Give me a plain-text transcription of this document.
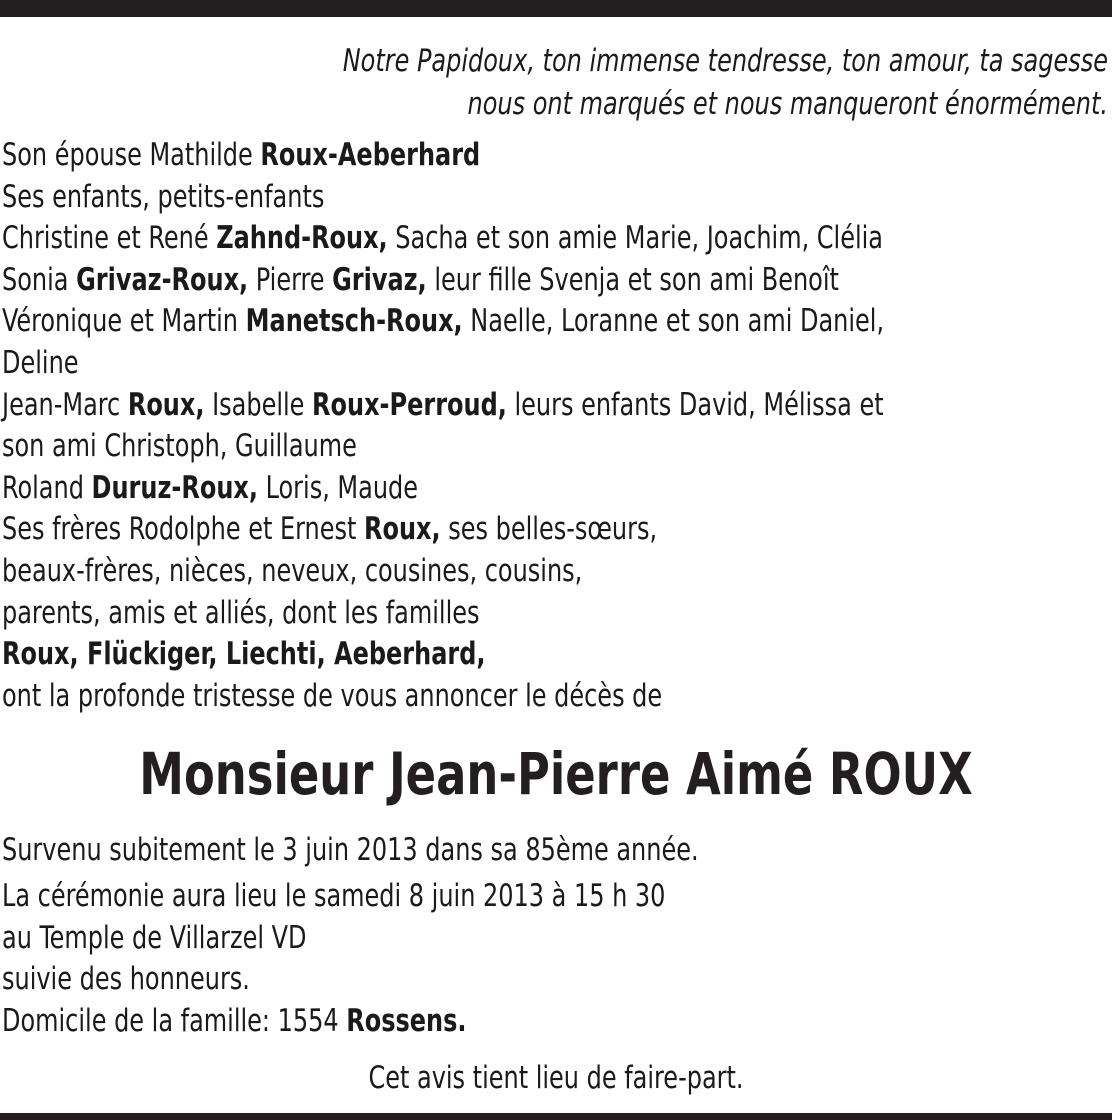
Notre Papidoux, ton immense tendresse, ton amour, ta sagesse
nous ont marqués et nous manqueront énormément.
Son épouse Mathilde Roux-Aeberhard
Ses enfants, petits-enfants
Christine et René Zahnd-Roux, Sacha et son amie Marie, Joachim, Clélia
Sonia Grivaz-Roux, Pierre Grivaz, leur fille Svenja et son ami Benoît
Véronique et Martin Manetsch-Roux, Naelle, Loranne et son ami Daniel,
Deline
Jean-Marc Roux, Isabelle Roux-Perroud, leurs enfants David, Mélissa et
son ami Christoph, Guillaume
Roland Duruz-Roux, Loris, Maude
Ses frères Rodolphe et Ernest Roux, ses belles-sœurs,
beaux-frères, nièces, neveux, cousines, cousins,
parents, amis et alliés, dont les familles
Roux, Flückiger, Liechti, Aeberhard,
ont la profonde tristesse de vous annoncer le décès de
Monsieur Jean-Pierre Aimé ROUX
Survenu subitement le 3 juin 2013 dans sa 85ème année.
La cérémonie aura lieu le samedi 8 juin 2013 à 15 h 30
au Temple de Villarzel VD
suivie des honneurs.
Domicile de la famille: 1554 Rossens.
Cet avis tient lieu de faire-part.
